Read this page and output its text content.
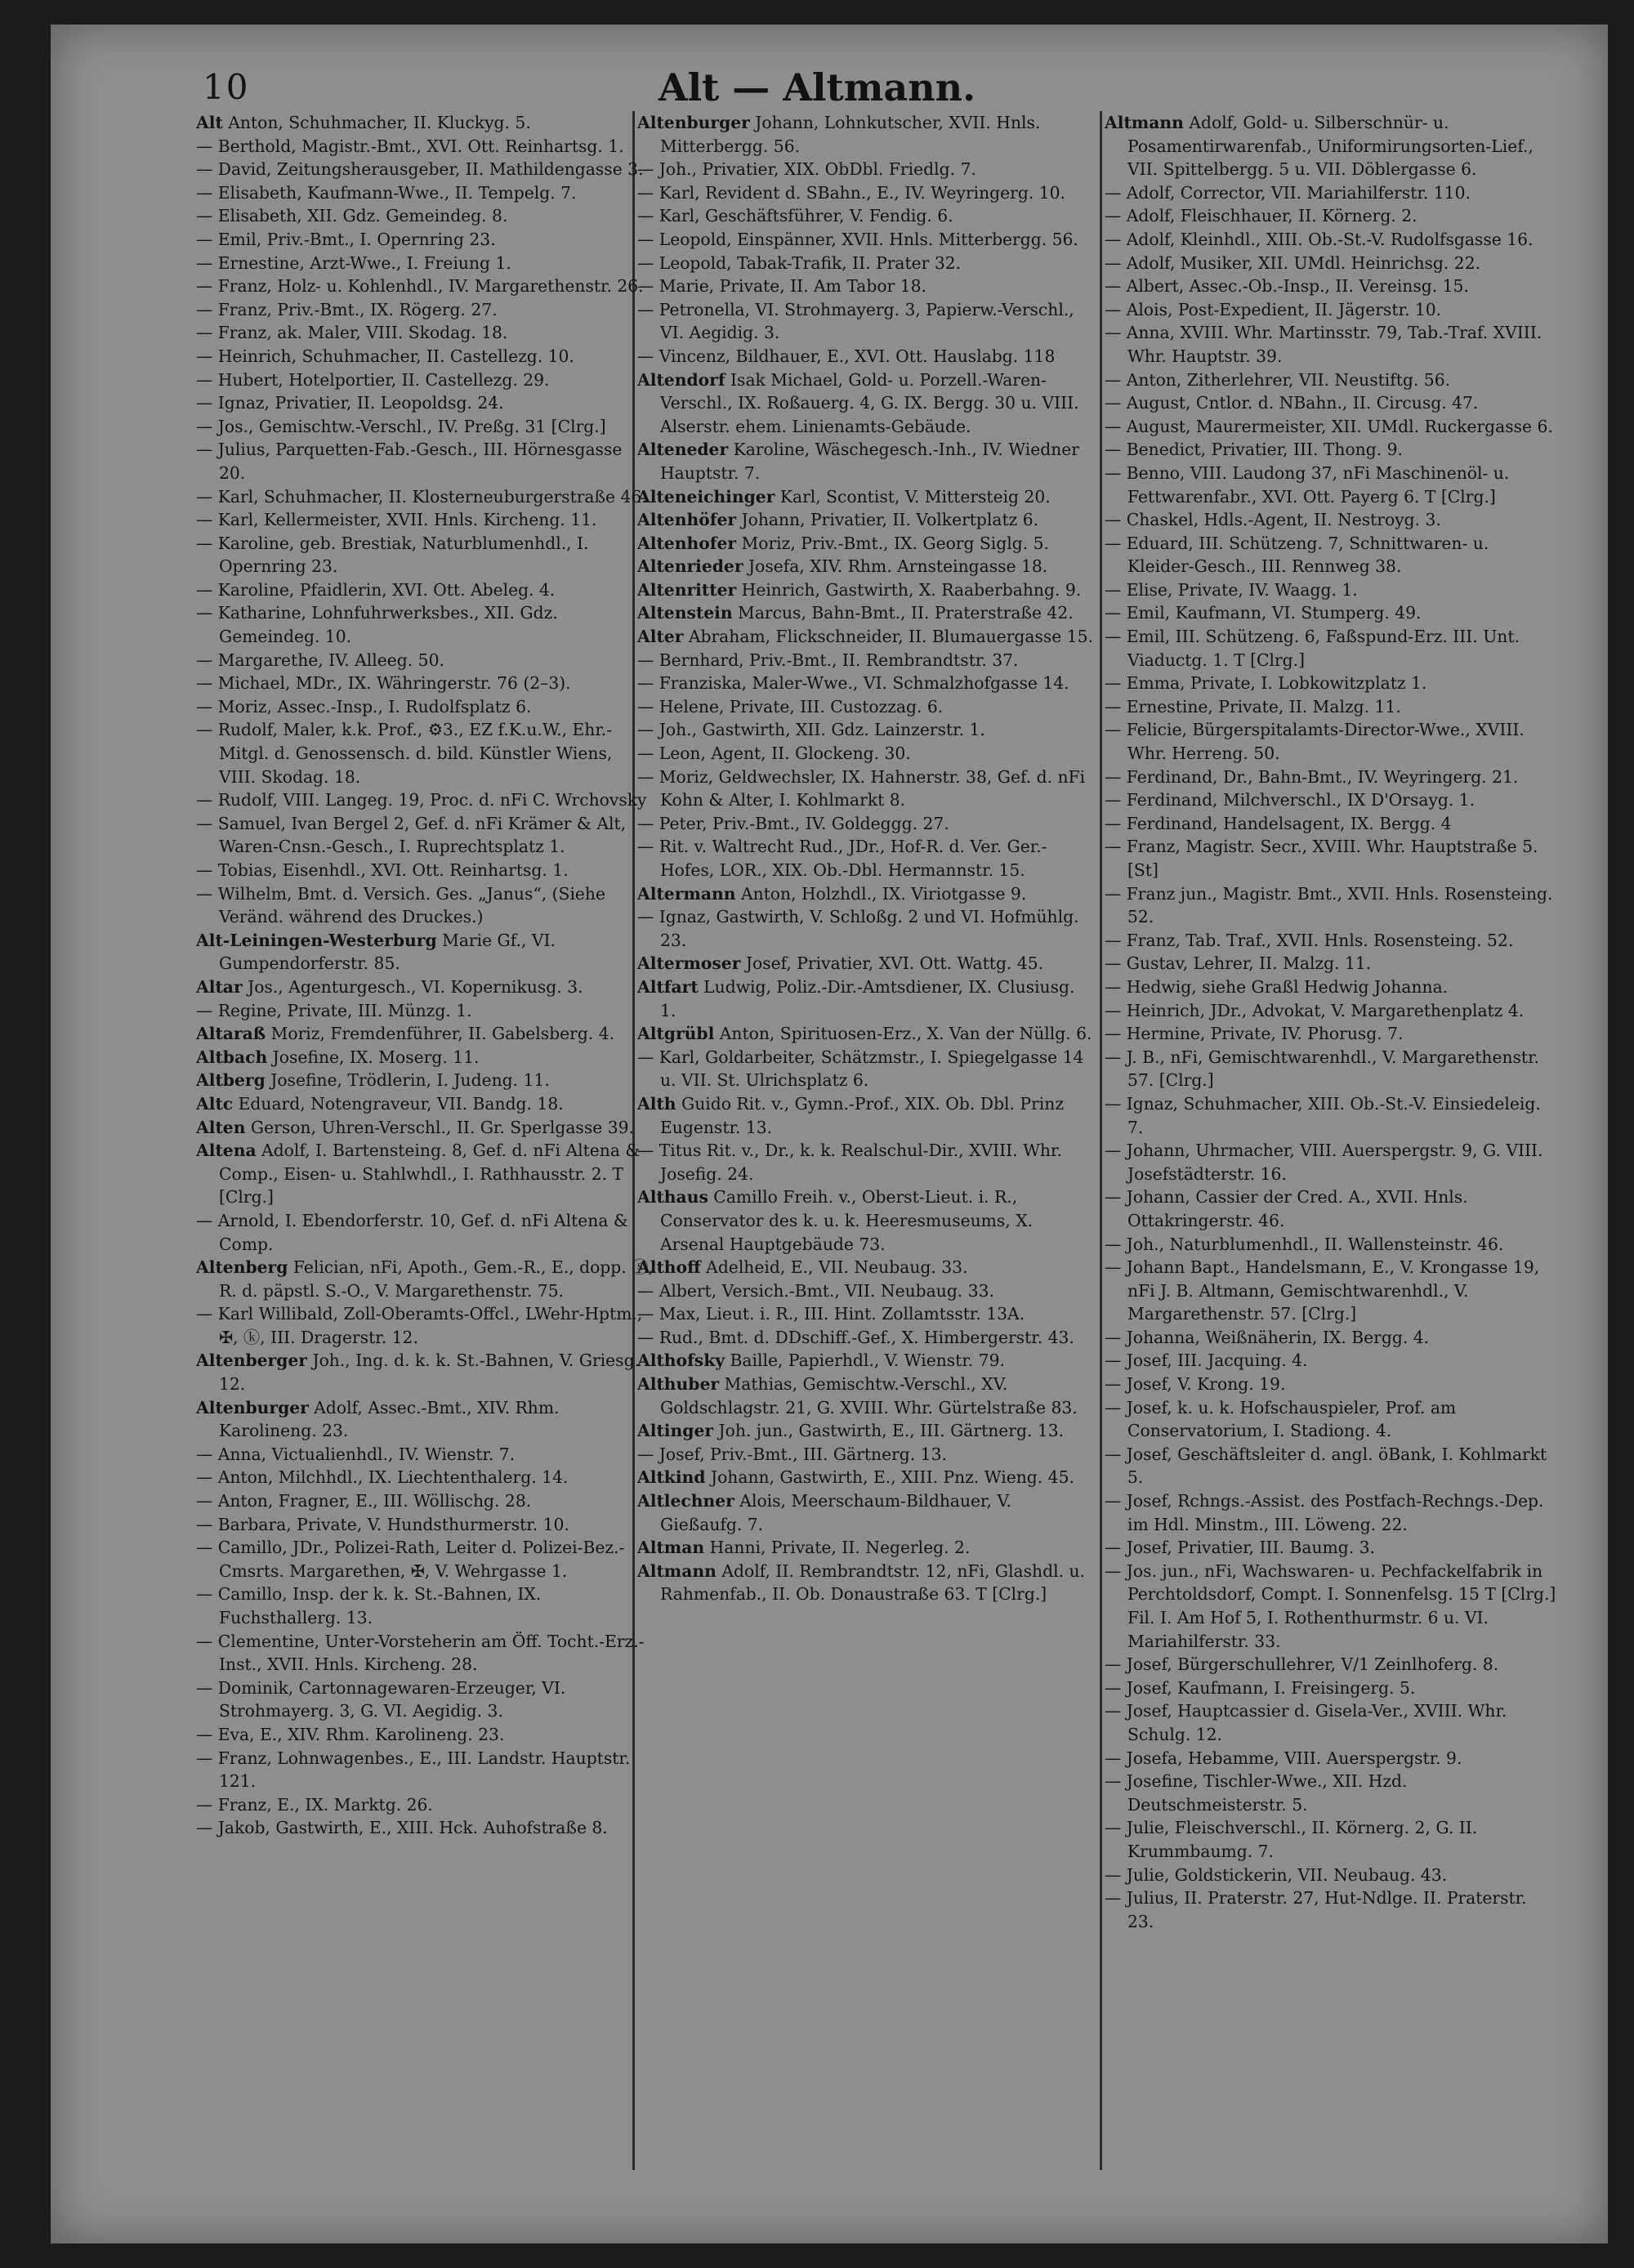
10	Alt — Altmann.

Alt Anton, Schuhmacher, II. Kluckyg. 5.

— Berthold, Magistr.-Bmt., XVI. Ott. Reinhartsg. 1.

— David, Zeitungsherausgeber, II. Mathildengasse 3.

— Elisabeth, Kaufmann-Wwe., II. Tempelg. 7.

— Elisabeth, XII. Gdz. Gemeindeg. 8.

— Emil, Priv.-Bmt., I. Opernring 23.

— Ernestine, Arzt-Wwe., I. Freiung 1.

— Franz, Holz- u. Kohlenhdl., IV. Margarethenstr. 26.

— Franz, Priv.-Bmt., IX. Rögerg. 27.

— Franz, ak. Maler, VIII. Skodag. 18.

— Heinrich, Schuhmacher, II. Castellezg. 10.

— Hubert, Hotelportier, II. Castellezg. 29.

— Ignaz, Privatier, II. Leopoldsg. 24.

— Jos., Gemischtw.-Verschl., IV. Preßg. 31 [Clrg.]

— Julius, Parquetten-Fab.-Gesch., III. Hörnesgasse 20.

— Karl, Schuhmacher, II. Klosterneuburgerstraße 46.

— Karl, Kellermeister, XVII. Hnls. Kircheng. 11.

— Karoline, geb. Brestiak, Naturblumenhdl., I. Opernring 23.

— Karoline, Pfaidlerin, XVI. Ott. Abeleg. 4.

— Katharine, Lohnfuhrwerksbes., XII. Gdz. Gemeindeg. 10.

— Margarethe, IV. Alleeg. 50.

— Michael, MDr., IX. Währingerstr. 76 (2–3).

— Moriz, Assec.-Insp., I. Rudolfsplatz 6.

— Rudolf, Maler, k.k. Prof., ⚙3., EZ f.K.u.W., Ehr.-Mitgl. d. Genossensch. d. bild. Künstler Wiens, VIII. Skodag. 18.

— Rudolf, VIII. Langeg. 19, Proc. d. nFi C. Wrchovsky

— Samuel, Ivan Bergel 2, Gef. d. nFi Krämer & Alt, Waren-Cnsn.-Gesch., I. Ruprechtsplatz 1.

— Tobias, Eisenhdl., XVI. Ott. Reinhartsg. 1.

— Wilhelm, Bmt. d. Versich. Ges. „Janus“, (Siehe Veränd. während des Druckes.)

Alt-Leiningen-Westerburg Marie Gf., VI. Gumpendorferstr. 85.

Altar Jos., Agenturgesch., VI. Kopernikusg. 3.

— Regine, Private, III. Münzg. 1.

Altaraß Moriz, Fremdenführer, II. Gabelsberg. 4.

Altbach Josefine, IX. Moserg. 11.

Altberg Josefine, Trödlerin, I. Judeng. 11.

Altc Eduard, Notengraveur, VII. Bandg. 18.

Alten Gerson, Uhren-Verschl., II. Gr. Sperlgasse 39.

Altena Adolf, I. Bartensteing. 8, Gef. d. nFi Altena & Comp., Eisen- u. Stahlwhdl., I. Rathhausstr. 2. T [Clrg.]

— Arnold, I. Ebendorferstr. 10, Gef. d. nFi Altena & Comp.

Altenberg Felician, nFi, Apoth., Gem.-R., E., dopp. ⓢ, R. d. päpstl. S.-O., V. Margarethenstr. 75.

— Karl Willibald, Zoll-Oberamts-Offcl., LWehr-Hptm., ✠, ⓚ, III. Dragerstr. 12.

Altenberger Joh., Ing. d. k. k. St.-Bahnen, V. Griesg. 12.

Altenburger Adolf, Assec.-Bmt., XIV. Rhm. Karolineng. 23.

— Anna, Victualienhdl., IV. Wienstr. 7.

— Anton, Milchhdl., IX. Liechtenthalerg. 14.

— Anton, Fragner, E., III. Wöllischg. 28.

— Barbara, Private, V. Hundsthurmerstr. 10.

— Camillo, JDr., Polizei-Rath, Leiter d. Polizei-Bez.-Cmsrts. Margarethen, ✠, V. Wehrgasse 1.

— Camillo, Insp. der k. k. St.-Bahnen, IX. Fuchsthallerg. 13.

— Clementine, Unter-Vorsteherin am Öff. Tocht.-Erz.-Inst., XVII. Hnls. Kircheng. 28.

— Dominik, Cartonnagewaren-Erzeuger, VI. Strohmayerg. 3, G. VI. Aegidig. 3.

— Eva, E., XIV. Rhm. Karolineng. 23.

— Franz, Lohnwagenbes., E., III. Landstr. Hauptstr. 121.

— Franz, E., IX. Marktg. 26.

— Jakob, Gastwirth, E., XIII. Hck. Auhofstraße 8.

Altenburger Johann, Lohnkutscher, XVII. Hnls. Mitterbergg. 56.

— Joh., Privatier, XIX. ObDbl. Friedlg. 7.

— Karl, Revident d. SBahn., E., IV. Weyringerg. 10.

— Karl, Geschäftsführer, V. Fendig. 6.

— Leopold, Einspänner, XVII. Hnls. Mitterbergg. 56.

— Leopold, Tabak-Trafik, II. Prater 32.

— Marie, Private, II. Am Tabor 18.

— Petronella, VI. Strohmayerg. 3, Papierw.-Verschl., VI. Aegidig. 3.

— Vincenz, Bildhauer, E., XVI. Ott. Hauslabg. 118

Altendorf Isak Michael, Gold- u. Porzell.-Waren-Verschl., IX. Roßauerg. 4, G. IX. Bergg. 30 u. VIII. Alserstr. ehem. Linienamts-Gebäude.

Alteneder Karoline, Wäschegesch.-Inh., IV. Wiedner Hauptstr. 7.

Alteneichinger Karl, Scontist, V. Mittersteig 20.

Altenhöfer Johann, Privatier, II. Volkertplatz 6.

Altenhofer Moriz, Priv.-Bmt., IX. Georg Siglg. 5.

Altenrieder Josefa, XIV. Rhm. Arnsteingasse 18.

Altenritter Heinrich, Gastwirth, X. Raaberbahng. 9.

Altenstein Marcus, Bahn-Bmt., II. Praterstraße 42.

Alter Abraham, Flickschneider, II. Blumauergasse 15.

— Bernhard, Priv.-Bmt., II. Rembrandtstr. 37.

— Franziska, Maler-Wwe., VI. Schmalzhofgasse 14.

— Helene, Private, III. Custozzag. 6.

— Joh., Gastwirth, XII. Gdz. Lainzerstr. 1.

— Leon, Agent, II. Glockeng. 30.

— Moriz, Geldwechsler, IX. Hahnerstr. 38, Gef. d. nFi Kohn & Alter, I. Kohlmarkt 8.

— Peter, Priv.-Bmt., IV. Goldeggg. 27.

— Rit. v. Waltrecht Rud., JDr., Hof-R. d. Ver. Ger.-Hofes, LOR., XIX. Ob.-Dbl. Hermannstr. 15.

Altermann Anton, Holzhdl., IX. Viriotgasse 9.

— Ignaz, Gastwirth, V. Schloßg. 2 und VI. Hofmühlg. 23.

Altermoser Josef, Privatier, XVI. Ott. Wattg. 45.

Altfart Ludwig, Poliz.-Dir.-Amtsdiener, IX. Clusiusg. 1.

Altgrübl Anton, Spirituosen-Erz., X. Van der Nüllg. 6.

— Karl, Goldarbeiter, Schätzmstr., I. Spiegelgasse 14 u. VII. St. Ulrichsplatz 6.

Alth Guido Rit. v., Gymn.-Prof., XIX. Ob. Dbl. Prinz Eugenstr. 13.

— Titus Rit. v., Dr., k. k. Realschul-Dir., XVIII. Whr. Josefig. 24.

Althaus Camillo Freih. v., Oberst-Lieut. i. R., Conservator des k. u. k. Heeresmuseums, X. Arsenal Hauptgebäude 73.

Althoff Adelheid, E., VII. Neubaug. 33.

— Albert, Versich.-Bmt., VII. Neubaug. 33.

— Max, Lieut. i. R., III. Hint. Zollamtsstr. 13A.

— Rud., Bmt. d. DDschiff.-Gef., X. Himbergerstr. 43.

Althofsky Baille, Papierhdl., V. Wienstr. 79.

Althuber Mathias, Gemischtw.-Verschl., XV. Goldschlagstr. 21, G. XVIII. Whr. Gürtelstraße 83.

Altinger Joh. jun., Gastwirth, E., III. Gärtnerg. 13.

— Josef, Priv.-Bmt., III. Gärtnerg. 13.

Altkind Johann, Gastwirth, E., XIII. Pnz. Wieng. 45.

Altlechner Alois, Meerschaum-Bildhauer, V. Gießaufg. 7.

Altman Hanni, Private, II. Negerleg. 2.

Altmann Adolf, II. Rembrandtstr. 12, nFi, Glashdl. u. Rahmenfab., II. Ob. Donaustraße 63. T [Clrg.]

Altmann Adolf, Gold- u. Silberschnür- u. Posamentirwarenfab., Uniformirungsorten-Lief., VII. Spittelbergg. 5 u. VII. Döblergasse 6.

— Adolf, Corrector, VII. Mariahilferstr. 110.

— Adolf, Fleischhauer, II. Körnerg. 2.

— Adolf, Kleinhdl., XIII. Ob.-St.-V. Rudolfsgasse 16.

— Adolf, Musiker, XII. UMdl. Heinrichsg. 22.

— Albert, Assec.-Ob.-Insp., II. Vereinsg. 15.

— Alois, Post-Expedient, II. Jägerstr. 10.

— Anna, XVIII. Whr. Martinsstr. 79, Tab.-Traf. XVIII. Whr. Hauptstr. 39.

— Anton, Zitherlehrer, VII. Neustiftg. 56.

— August, Cntlor. d. NBahn., II. Circusg. 47.

— August, Maurermeister, XII. UMdl. Ruckergasse 6.

— Benedict, Privatier, III. Thong. 9.

— Benno, VIII. Laudong 37, nFi Maschinenöl- u. Fettwarenfabr., XVI. Ott. Payerg 6. T [Clrg.]

— Chaskel, Hdls.-Agent, II. Nestroyg. 3.

— Eduard, III. Schützeng. 7, Schnittwaren- u. Kleider-Gesch., III. Rennweg 38.

— Elise, Private, IV. Waagg. 1.

— Emil, Kaufmann, VI. Stumperg. 49.

— Emil, III. Schützeng. 6, Faßspund-Erz. III. Unt. Viaductg. 1. T [Clrg.]

— Emma, Private, I. Lobkowitzplatz 1.

— Ernestine, Private, II. Malzg. 11.

— Felicie, Bürgerspitalamts-Director-Wwe., XVIII. Whr. Herreng. 50.

— Ferdinand, Dr., Bahn-Bmt., IV. Weyringerg. 21.

— Ferdinand, Milchverschl., IX D'Orsayg. 1.

— Ferdinand, Handelsagent, IX. Bergg. 4

— Franz, Magistr. Secr., XVIII. Whr. Hauptstraße 5. [St]

— Franz jun., Magistr. Bmt., XVII. Hnls. Rosensteing. 52.

— Franz, Tab. Traf., XVII. Hnls. Rosensteing. 52.

— Gustav, Lehrer, II. Malzg. 11.

— Hedwig, siehe Graßl Hedwig Johanna.

— Heinrich, JDr., Advokat, V. Margarethenplatz 4.

— Hermine, Private, IV. Phorusg. 7.

— J. B., nFi, Gemischtwarenhdl., V. Margarethenstr. 57. [Clrg.]

— Ignaz, Schuhmacher, XIII. Ob.-St.-V. Einsiedeleig. 7.

— Johann, Uhrmacher, VIII. Auerspergstr. 9, G. VIII. Josefstädterstr. 16.

— Johann, Cassier der Cred. A., XVII. Hnls. Ottakringerstr. 46.

— Joh., Naturblumenhdl., II. Wallensteinstr. 46.

— Johann Bapt., Handelsmann, E., V. Krongasse 19, nFi J. B. Altmann, Gemischtwarenhdl., V. Margarethenstr. 57. [Clrg.]

— Johanna, Weißnäherin, IX. Bergg. 4.

— Josef, III. Jacquing. 4.

— Josef, V. Krong. 19.

— Josef, k. u. k. Hofschauspieler, Prof. am Conservatorium, I. Stadiong. 4.

— Josef, Geschäftsleiter d. angl. öBank, I. Kohlmarkt 5.

— Josef, Rchngs.-Assist. des Postfach-Rechngs.-Dep. im Hdl. Minstm., III. Löweng. 22.

— Josef, Privatier, III. Baumg. 3.

— Jos. jun., nFi, Wachswaren- u. Pechfackelfabrik in Perchtoldsdorf, Compt. I. Sonnenfelsg. 15 T [Clrg.] Fil. I. Am Hof 5, I. Rothenthurmstr. 6 u. VI. Mariahilferstr. 33.

— Josef, Bürgerschullehrer, V/1 Zeinlhoferg. 8.

— Josef, Kaufmann, I. Freisingerg. 5.

— Josef, Hauptcassier d. Gisela-Ver., XVIII. Whr. Schulg. 12.

— Josefa, Hebamme, VIII. Auerspergstr. 9.

— Josefine, Tischler-Wwe., XII. Hzd. Deutschmeisterstr. 5.

— Julie, Fleischverschl., II. Körnerg. 2, G. II. Krummbaumg. 7.

— Julie, Goldstickerin, VII. Neubaug. 43.

— Julius, II. Praterstr. 27, Hut-Ndlge. II. Praterstr. 23.
